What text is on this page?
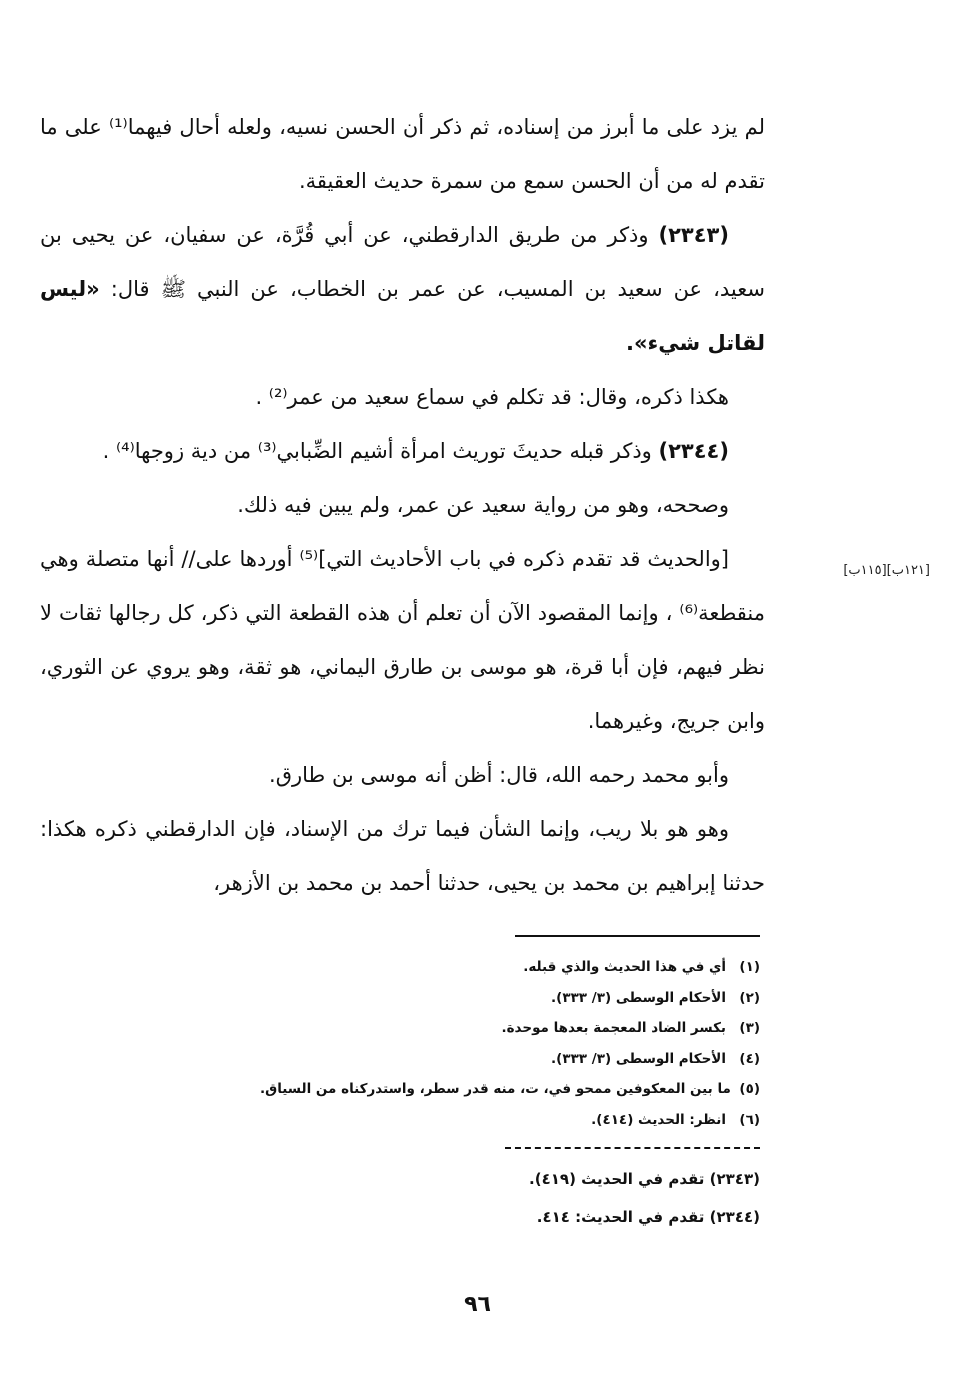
لم يزد على ما أبرز من إسناده، ثم ذكر أن الحسن نسيه، ولعله أحال فيهما⁽¹⁾ على ما تقدم له من أن الحسن سمع من سمرة حديث العقيقة.

(٢٣٤٣) وذكر من طريق الدارقطني، عن أبي قُرَّة، عن سفيان، عن يحيى بن سعيد، عن سعيد بن المسيب، عن عمر بن الخطاب، عن النبي ﷺ قال: «ليس لقاتل شيء».

هكذا ذكره، وقال: قد تكلم في سماع سعيد من عمر⁽²⁾ .

(٢٣٤٤) وذكر قبله حديثَ توريث امرأة أشيم الضِّبابي⁽³⁾ من دية زوجها⁽⁴⁾ .

وصححه، وهو من رواية سعيد عن عمر، ولم يبين فيه ذلك.

[والحديث قد تقدم ذكره في باب الأحاديث التي]⁽⁵⁾ أوردها على// أنها متصلة وهي منقطعة⁽⁶⁾ ، وإنما المقصود الآن أن تعلم أن هذه القطعة التي ذكر، كل رجالها ثقات لا نظر فيهم، فإن أبا قرة، هو موسى بن طارق اليماني، هو ثقة، وهو يروي عن الثوري، وابن جريج، وغيرهما.

وأبو محمد رحمه الله، قال: أظن أنه موسى بن طارق.

وهو هو بلا ريب، وإنما الشأن فيما ترك من الإسناد، فإن الدارقطني ذكره هكذا: حدثنا إبراهيم بن محمد بن يحيى، حدثنا أحمد بن محمد بن الأزهر،

[١٢١ب][١١٥ب]
(١)
أي في هذا الحديث والذي قبله.
(٢)
الأحكام الوسطى (٣/ ٣٣٣).
(٣)
بكسر الضاد المعجمة بعدها موحدة.
(٤)
الأحكام الوسطى (٣/ ٣٣٣).
(٥)
ما بين المعكوفين ممحو في، ت، منه قدر سطر، واستدركناه من السياق.
(٦)
انظر: الحديث (٤١٤).
(٢٣٤٣) تقدم في الحديث (٤١٩).
(٢٣٤٤) تقدم في الحديث: ٤١٤.
٩٦
